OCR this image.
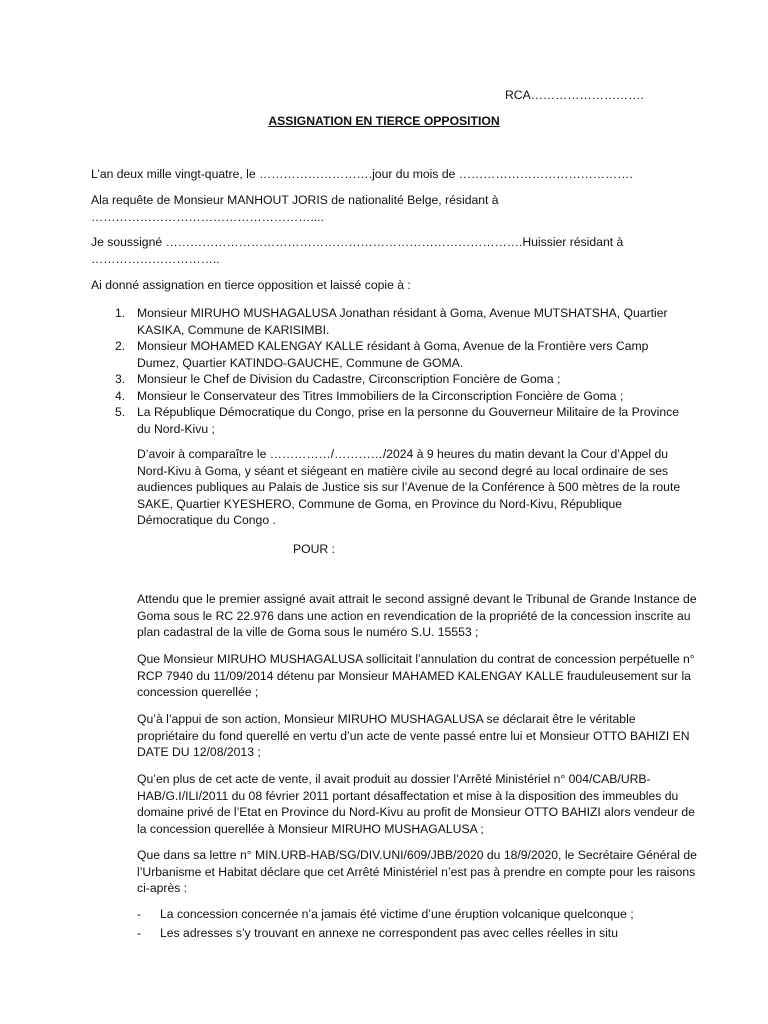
RCA……………………….

ASSIGNATION EN TIERCE OPPOSITION

L’an deux mille vingt-quatre, le ……………………….jour du mois de …………………………………….

Ala requête de Monsieur MANHOUT JORIS de nationalité Belge, résidant à ………………………………………………....

Je soussigné …………………………………………………………………………….Huissier résidant à …………………………..

Ai donné assignation en tierce opposition et laissé copie à :

1. Monsieur MIRUHO MUSHAGALUSA Jonathan résidant à Goma, Avenue MUTSHATSHA, Quartier KASIKA, Commune de KARISIMBI.
2. Monsieur MOHAMED KALENGAY KALLE résidant à Goma, Avenue de la Frontière vers Camp Dumez, Quartier KATINDO-GAUCHE, Commune de GOMA.
3. Monsieur le Chef de Division du Cadastre, Circonscription Foncière de Goma ;
4. Monsieur le Conservateur des Titres Immobiliers de la Circonscription Foncière de Goma ;
5. La République Démocratique du Congo, prise en la personne du Gouverneur Militaire de la Province du Nord-Kivu ;

D’avoir à comparaître le ……………/…………/2024 à 9 heures du matin devant la Cour d’Appel du Nord-Kivu à Goma, y séant et siégeant en matière civile au second degré au local ordinaire de ses audiences publiques au Palais de Justice sis sur l’Avenue de la Conférence à 500 mètres de la route SAKE, Quartier KYESHERO, Commune de Goma, en Province du Nord-Kivu, République Démocratique du Congo .

POUR :

Attendu que le premier assigné avait attrait le second assigné devant le Tribunal de Grande Instance de Goma sous le RC 22.976 dans une action en revendication de la propriété de la concession inscrite au plan cadastral de la ville de Goma sous le numéro S.U. 15553 ;

Que Monsieur MIRUHO MUSHAGALUSA sollicitait l’annulation du contrat de concession perpétuelle n° RCP 7940 du 11/09/2014 détenu par Monsieur MAHAMED KALENGAY KALLE frauduleusement sur la concession querellée ;

Qu’à l’appui de son action, Monsieur MIRUHO MUSHAGALUSA se déclarait être le véritable propriétaire du fond querellé en vertu d’un acte de vente passé entre lui et Monsieur OTTO BAHIZI EN DATE DU 12/08/2013 ;

Qu’en plus de cet acte de vente, il avait produit au dossier l’Arrêté Ministériel n° 004/CAB/URB-HAB/G.I/ILI/2011 du 08 février 2011 portant désaffectation et mise à la disposition des immeubles du domaine privé de l’Etat en Province du Nord-Kivu au profit de Monsieur OTTO BAHIZI alors vendeur de la concession querellée à Monsieur MIRUHO MUSHAGALUSA ;

Que dans sa lettre n° MIN.URB-HAB/SG/DIV.UNI/609/JBB/2020 du 18/9/2020, le Secrétaire Général de l’Urbanisme et Habitat déclare que cet Arrêté Ministériel n’est pas à prendre en compte pour les raisons ci-après :

-	La concession concernée n’a jamais été victime d’une éruption volcanique quelconque ;
-	Les adresses s’y trouvant en annexe ne correspondent pas avec celles réelles in situ
